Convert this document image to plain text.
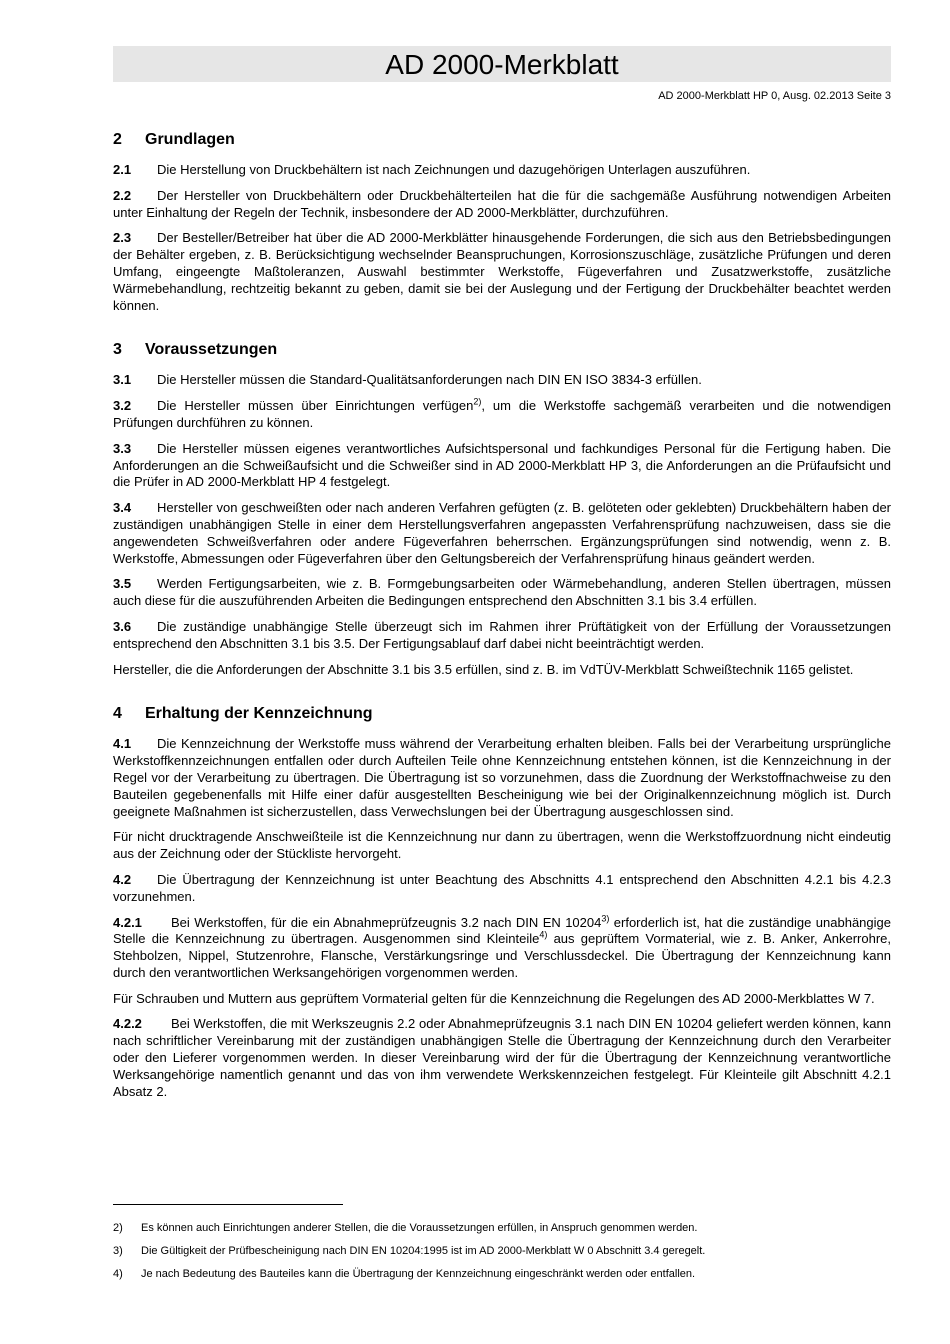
AD 2000-Merkblatt
AD 2000-Merkblatt HP 0, Ausg. 02.2013 Seite 3
2 Grundlagen

2.1 Die Herstellung von Druckbehältern ist nach Zeichnungen und dazugehörigen Unterlagen auszuführen.

2.2 Der Hersteller von Druckbehältern oder Druckbehälterteilen hat die für die sachgemäße Ausführung notwendigen Arbeiten unter Einhaltung der Regeln der Technik, insbesondere der AD 2000-Merkblätter, durchzuführen.

2.3 Der Besteller/Betreiber hat über die AD 2000-Merkblätter hinausgehende Forderungen, die sich aus den Betriebsbedingungen der Behälter ergeben, z. B. Berücksichtigung wechselnder Beanspruchungen, Korrosionszuschläge, zusätzliche Prüfungen und deren Umfang, eingeengte Maßtoleranzen, Auswahl bestimmter Werkstoffe, Fügeverfahren und Zusatzwerkstoffe, zusätzliche Wärmebehandlung, rechtzeitig bekannt zu geben, damit sie bei der Auslegung und der Fertigung der Druckbehälter beachtet werden können.

3 Voraussetzungen

3.1 Die Hersteller müssen die Standard-Qualitätsanforderungen nach DIN EN ISO 3834-3 erfüllen.

3.2 Die Hersteller müssen über Einrichtungen verfügen$^{2)}$, um die Werkstoffe sachgemäß verarbeiten und die notwendigen Prüfungen durchführen zu können.

3.3 Die Hersteller müssen eigenes verantwortliches Aufsichtspersonal und fachkundiges Personal für die Fertigung haben. Die Anforderungen an die Schweißaufsicht und die Schweißer sind in AD 2000-Merkblatt HP 3, die Anforderungen an die Prüfaufsicht und die Prüfer in AD 2000-Merkblatt HP 4 festgelegt.

3.4 Hersteller von geschweißten oder nach anderen Verfahren gefügten (z. B. gelöteten oder geklebten) Druckbehältern haben der zuständigen unabhängigen Stelle in einer dem Herstellungsverfahren angepassten Verfahrensprüfung nachzuweisen, dass sie die angewendeten Schweißverfahren oder andere Fügeverfahren beherrschen. Ergänzungsprüfungen sind notwendig, wenn z. B. Werkstoffe, Abmessungen oder Fügeverfahren über den Geltungsbereich der Verfahrensprüfung hinaus geändert werden.

3.5 Werden Fertigungsarbeiten, wie z. B. Formgebungsarbeiten oder Wärmebehandlung, anderen Stellen übertragen, müssen auch diese für die auszuführenden Arbeiten die Bedingungen entsprechend den Abschnitten 3.1 bis 3.4 erfüllen.

3.6 Die zuständige unabhängige Stelle überzeugt sich im Rahmen ihrer Prüftätigkeit von der Erfüllung der Voraussetzungen entsprechend den Abschnitten 3.1 bis 3.5. Der Fertigungsablauf darf dabei nicht beeinträchtigt werden.

Hersteller, die die Anforderungen der Abschnitte 3.1 bis 3.5 erfüllen, sind z. B. im VdTÜV-Merkblatt Schweißtechnik 1165 gelistet.

4 Erhaltung der Kennzeichnung

4.1 Die Kennzeichnung der Werkstoffe muss während der Verarbeitung erhalten bleiben. Falls bei der Verarbeitung ursprüngliche Werkstoffkennzeichnungen entfallen oder durch Aufteilen Teile ohne Kennzeichnung entstehen können, ist die Kennzeichnung in der Regel vor der Verarbeitung zu übertragen. Die Übertragung ist so vorzunehmen, dass die Zuordnung der Werkstoffnachweise zu den Bauteilen gegebenenfalls mit Hilfe einer dafür ausgestellten Bescheinigung wie bei der Originalkennzeichnung möglich ist. Durch geeignete Maßnahmen ist sicherzustellen, dass Verwechslungen bei der Übertragung ausgeschlossen sind.

Für nicht drucktragende Anschweißteile ist die Kennzeichnung nur dann zu übertragen, wenn die Werkstoffzuordnung nicht eindeutig aus der Zeichnung oder der Stückliste hervorgeht.

4.2 Die Übertragung der Kennzeichnung ist unter Beachtung des Abschnitts 4.1 entsprechend den Abschnitten 4.2.1 bis 4.2.3 vorzunehmen.

4.2.1 Bei Werkstoffen, für die ein Abnahmeprüfzeugnis 3.2 nach DIN EN 10204$^{3)}$ erforderlich ist, hat die zuständige unabhängige Stelle die Kennzeichnung zu übertragen. Ausgenommen sind Kleinteile$^{4)}$ aus geprüftem Vormaterial, wie z. B. Anker, Ankerrohre, Stehbolzen, Nippel, Stutzenrohre, Flansche, Verstärkungsringe und Verschlussdeckel. Die Übertragung der Kennzeichnung kann durch den verantwortlichen Werksangehörigen vorgenommen werden.

Für Schrauben und Muttern aus geprüftem Vormaterial gelten für die Kennzeichnung die Regelungen des AD 2000-Merkblattes W 7.

4.2.2 Bei Werkstoffen, die mit Werkszeugnis 2.2 oder Abnahmeprüfzeugnis 3.1 nach DIN EN 10204 geliefert werden können, kann nach schriftlicher Vereinbarung mit der zuständigen unabhängigen Stelle die Übertragung der Kennzeichnung durch den Verarbeiter oder den Lieferer vorgenommen werden. In dieser Vereinbarung wird der für die Übertragung der Kennzeichnung verantwortliche Werksangehörige namentlich genannt und das von ihm verwendete Werkskennzeichen festgelegt. Für Kleinteile gilt Abschnitt 4.2.1 Absatz 2.

2)	Es können auch Einrichtungen anderer Stellen, die die Voraussetzungen erfüllen, in Anspruch genommen werden.
3)	Die Gültigkeit der Prüfbescheinigung nach DIN EN 10204:1995 ist im AD 2000-Merkblatt W 0 Abschnitt 3.4 geregelt.
4)	Je nach Bedeutung des Bauteiles kann die Übertragung der Kennzeichnung eingeschränkt werden oder entfallen.
